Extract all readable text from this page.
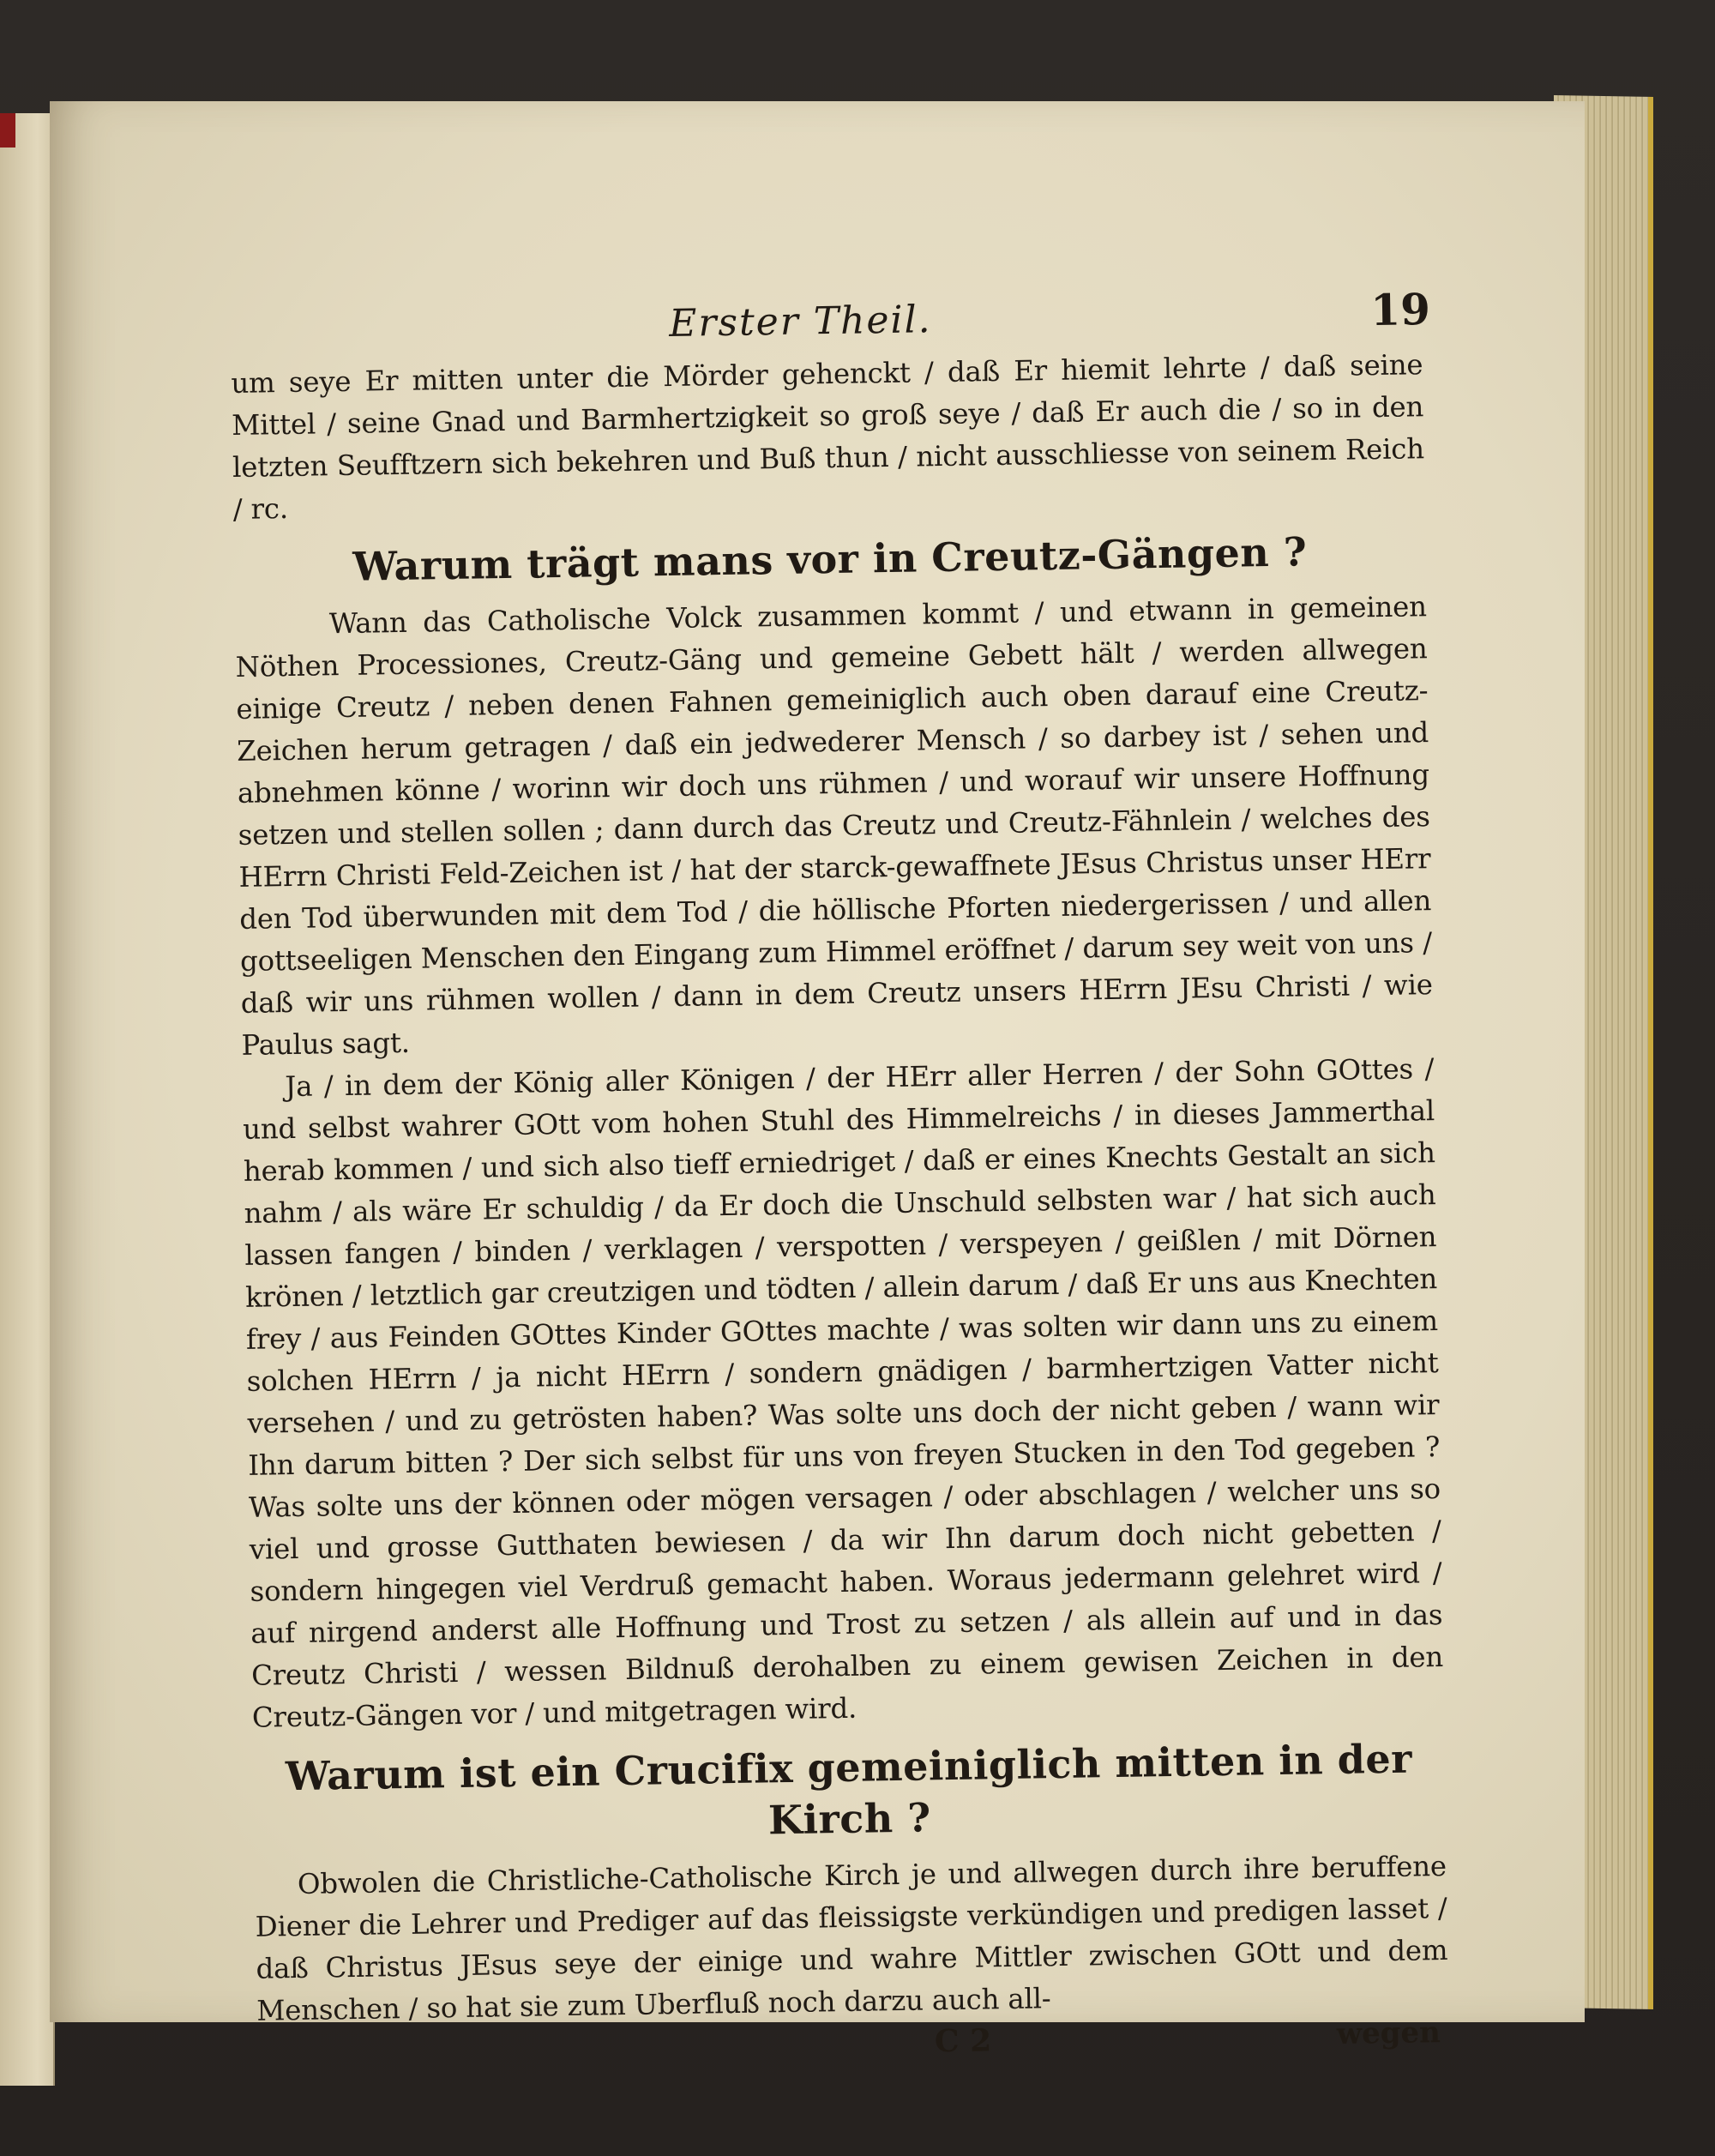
Erster Theil.	19

um seye Er mitten unter die Mörder gehenckt / daß Er hiemit lehrte / daß seine Mittel / seine Gnad und Barmhertzigkeit so groß seye / daß Er auch die / so in den letzten Seufftzern sich bekehren und Buß thun / nicht ausschliesse von seinem Reich / rc.

Warum trägt mans vor in Creutz-Gängen ?

Wann das Catholische Volck zusammen kommt / und etwann in gemeinen Nöthen Processiones, Creutz-Gäng und gemeine Gebett hält / werden allwegen einige Creutz / neben denen Fahnen gemeiniglich auch oben darauf eine Creutz-Zeichen herum getragen / daß ein jedwederer Mensch / so darbey ist / sehen und abnehmen könne / worinn wir doch uns rühmen / und worauf wir unsere Hoffnung setzen und stellen sollen ; dann durch das Creutz und Creutz-Fähnlein / welches des HErrn Christi Feld-Zeichen ist / hat der starck-gewaffnete JEsus Christus unser HErr den Tod überwunden mit dem Tod / die höllische Pforten niedergerissen / und allen gottseeligen Menschen den Eingang zum Himmel eröffnet / darum sey weit von uns / daß wir uns rühmen wollen / dann in dem Creutz unsers HErrn JEsu Christi / wie Paulus sagt.

Ja / in dem der König aller Königen / der HErr aller Herren / der Sohn GOttes / und selbst wahrer GOtt vom hohen Stuhl des Himmelreichs / in dieses Jammerthal herab kommen / und sich also tieff erniedriget / daß er eines Knechts Gestalt an sich nahm / als wäre Er schuldig / da Er doch die Unschuld selbsten war / hat sich auch lassen fangen / binden / verklagen / verspotten / verspeyen / geißlen / mit Dörnen krönen / letztlich gar creutzigen und tödten / allein darum / daß Er uns aus Knechten frey / aus Feinden GOttes Kinder GOttes machte / was solten wir dann uns zu einem solchen HErrn / ja nicht HErrn / sondern gnädigen / barmhertzigen Vatter nicht versehen / und zu getrösten haben? Was solte uns doch der nicht geben / wann wir Ihn darum bitten ? Der sich selbst für uns von freyen Stucken in den Tod gegeben ? Was solte uns der können oder mögen versagen / oder abschlagen / welcher uns so viel und grosse Gutthaten bewiesen / da wir Ihn darum doch nicht gebetten / sondern hingegen viel Verdruß gemacht haben. Woraus jedermann gelehret wird / auf nirgend anderst alle Hoffnung und Trost zu setzen / als allein auf und in das Creutz Christi / wessen Bildnuß derohalben zu einem gewisen Zeichen in den Creutz-Gängen vor / und mitgetragen wird.

Warum ist ein Crucifix gemeiniglich mitten in der Kirch ?

Obwolen die Christliche-Catholische Kirch je und allwegen durch ihre beruffene Diener die Lehrer und Prediger auf das fleissigste verkündigen und predigen lasset / daß Christus JEsus seye der einige und wahre Mittler zwischen GOtt und dem Menschen / so hat sie zum Uberfluß noch darzu auch all-

C 2	wegen
